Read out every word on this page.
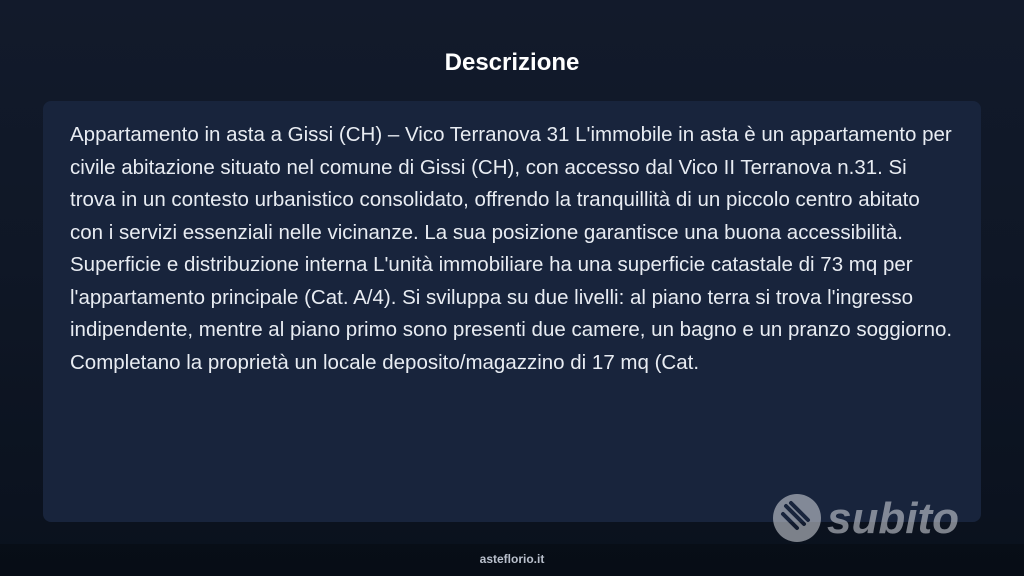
Descrizione

Appartamento in asta a Gissi (CH) – Vico Terranova 31 L'immobile in asta è un appartamento per civile abitazione situato nel comune di Gissi (CH), con accesso dal Vico II Terranova n.31. Si trova in un contesto urbanistico consolidato, offrendo la tranquillità di un piccolo centro abitato con i servizi essenziali nelle vicinanze. La sua posizione garantisce una buona accessibilità. Superficie e distribuzione interna L'unità immobiliare ha una superficie catastale di 73 mq per l'appartamento principale (Cat. A/4). Si sviluppa su due livelli: al piano terra si trova l'ingresso indipendente, mentre al piano primo sono presenti due camere, un bagno e un pranzo soggiorno. Completano la proprietà un locale deposito/magazzino di 17 mq (Cat.

subito
asteflorio.it
